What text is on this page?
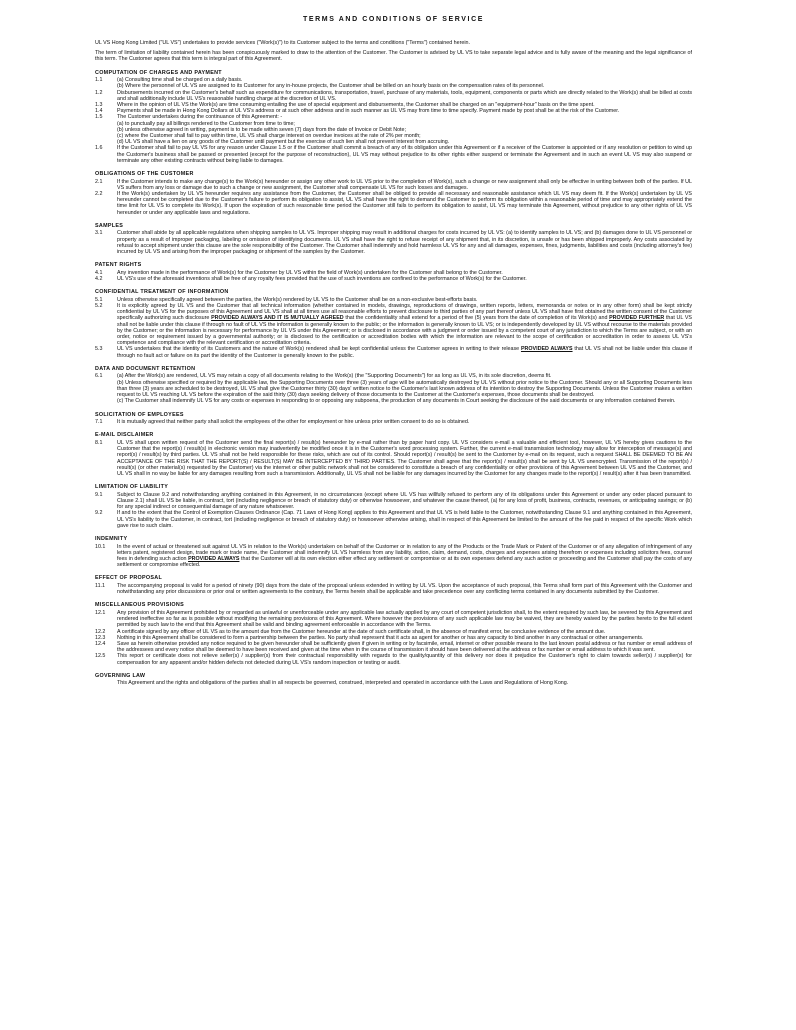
TERMS AND CONDITIONS OF SERVICE

UL VS Hong Kong Limited ("UL VS") undertakes to provide services ("Work(s)") to its Customer subject to the terms and conditions ("Terms") contained herein.

The term of limitation of liability contained herein has been conspicuously marked to draw to the attention of the Customer. The Customer is advised by UL VS to take separate legal advice and is fully aware of the meaning and the legal significance of this term. The Customer agrees that this term is integral part of this Agreement.

COMPUTATION OF CHARGES AND PAYMENT
1.1	(a) Consulting time shall be charged on a daily basis.
(b) Where the personnel of UL VS are assigned to its Customer for any in-house projects, the Customer shall be billed on an hourly basis on the compensation rates of its personnel.
1.2	Disbursements incurred on the Customer's behalf such as expenditure for communications, transportation, travel, purchase of any materials, tools, equipment, components or parts which are directly related to the Work(s) shall be billed at costs and shall additionally include UL VS's reasonable handling charge at the discretion of UL VS.
1.3	Where in the opinion of UL VS the Work(s) are time consuming entailing the use of special equipment and disbursements, the Customer shall be charged on an "equipment-hour" basis on the time spent.
1.4	Payments shall be made in Hong Kong Dollars at UL VS's address or at such other address and in such manner as UL VS may from time to time specify. Payment made by post shall be at the risk of the Customer.
1.5	The Customer undertakes during the continuance of this Agreement: -
(a) to punctually pay all billings rendered to the Customer from time to time;
(b) unless otherwise agreed in writing, payment is to be made within seven (7) days from the date of Invoice or Debit Note;
(c) where the Customer shall fail to pay within time, UL VS shall charge interest on overdue invoices at the rate of 2% per month;
(d) UL VS shall have a lien on any goods of the Customer until payment but the exercise of such lien shall not prevent interest from accruing.
1.6	If the Customer shall fail to pay UL VS for any reason under Clause 1.5 or if the Customer shall commit a breach of any of its obligation under this Agreement or if a receiver of the Customer is appointed or if any resolution or petition to wind up the Customer's business shall be passed or presented (except for the purpose of reconstruction), UL VS may without prejudice to its other rights either suspend or terminate the Agreement and in such an event UL VS may also suspend or terminate any other existing contracts without being liable to damages.
OBLIGATIONS OF THE CUSTOMER
2.1	If the Customer intends to make any change(s) to the Work(s) hereunder or assign any other work to UL VS prior to the completion of Work(s), such a change or new assignment shall only be effective in writing between both of the parties. If UL VS suffers from any loss or damage due to such a change or new assignment, the Customer shall compensate UL VS for such losses and damages.
2.2	If the Work(s) undertaken by UL VS hereunder requires any assistance from the Customer, the Customer shall be obliged to provide all necessary and reasonable assistance which UL VS may deem fit. If the Work(s) undertaken by UL VS hereunder cannot be completed due to the Customer's failure to perform its obligation to assist, UL VS shall have the right to demand the Customer to perform its obligation within a reasonable period of time and may appropriately extend the time limit for UL VS to complete its Work(s). If upon the expiration of such reasonable time period the Customer still fails to perform its obligation to assist, UL VS may terminate this Agreement, without prejudice to any other rights of UL VS hereunder or under any applicable laws and regulations.
SAMPLES
3.1	Customer shall abide by all applicable regulations when shipping samples to UL VS. Improper shipping may result in additional charges for costs incurred by UL VS: (a) to identify samples to UL VS; and (b) damages done to UL VS personnel or property as a result of improper packaging, labeling or omission of identifying documents. UL VS shall have the right to refuse receipt of any shipment that, in its discretion, is unsafe or has been shipped improperly. Any costs associated by refusal to accept shipment under this clause are the sole responsibility of the Customer. The Customer shall indemnify and hold harmless UL VS for any and all damages, expenses, fines, judgments, liabilities and costs (including attorney's fee) incurred by UL VS and arising from the improper packaging or shipment of the samples by the Customer.
PATENT RIGHTS
4.1	Any invention made in the performance of Work(s) for the Customer by UL VS within the field of Work(s) undertaken for the Customer shall belong to the Customer.
4.2	UL VS's use of the aforesaid inventions shall be free of any royalty fees provided that the use of such inventions are confined to the performance of Work(s) for the Customer.
CONFIDENTIAL TREATMENT OF INFORMATION
5.1	Unless otherwise specifically agreed between the parties, the Work(s) rendered by UL VS to the Customer shall be on a non-exclusive best-efforts basis.
5.2	It is explicitly agreed by UL VS and the Customer that all technical information (whether contained in models, drawings, reproductions of drawings, written reports, letters, memoranda or notes or in any other form) shall be kept strictly confidential by UL VS for the purposes of this Agreement and UL VS shall at all times use all reasonable efforts to prevent disclosure to third parties of any part thereof unless UL VS shall have first obtained the written consent of the Customer specifically authorizing such disclosure PROVIDED ALWAYS AND IT IS MUTUALLY AGREED that the confidentiality shall extend for a period of five (5) years from the date of completion of its Work(s) and PROVIDED FURTHER that UL VS shall not be liable under this clause if through no fault of UL VS the information is generally known to the public; or the information is generally known to UL VS; or is independently developed by UL VS without recourse to the materials provided by the Customer; or the information is necessary for performance by UL VS under this Agreement; or is disclosed in accordance with a judgment or order issued by a competent court of any jurisdiction to which the Terms are subject, or with an order, notice or requirement issued by a governmental authority; or is disclosed to the certification or accreditation bodies with which the information are relevant to the scope of certification or accreditation in order to assess UL VS's competence and compliance with the relevant certification or accreditation criteria.
5.3	UL VS undertakes that the identity of its Customers and the nature of Work(s) rendered shall be kept confidential unless the Customer agrees in writing to their release PROVIDED ALWAYS that UL VS shall not be liable under this clause if through no fault act or failure on its part the identity of the Customer is generally known to the public.
DATA AND DOCUMENT RETENTION
6.1	(a) After the Work(s) are rendered, UL VS may retain a copy of all documents relating to the Work(s) (the "Supporting Documents") for as long as UL VS, in its sole discretion, deems fit.
(b) Unless otherwise specified or required by the applicable law, the Supporting Documents over three (3) years of age will be automatically destroyed by UL VS without prior notice to the Customer. Should any or all Supporting Documents less than three (3) years are scheduled to be destroyed, UL VS shall give the Customer thirty (30) days' written notice to the Customer's last known address of its intention to destroy the Supporting Documents. Unless the Customer makes a written request to UL VS reaching UL VS before the expiration of the said thirty (30) days seeking delivery of those documents to the Customer at the Customer's expenses, those documents shall be destroyed.
(c) The Customer shall indemnify UL VS for any costs or expenses in responding to or opposing any subpoena, the production of any documents in Court seeking the disclosure of the said documents or any information contained therein.
SOLICITATION OF EMPLOYEES
7.1	It is mutually agreed that neither party shall solicit the employees of the other for employment or hire unless prior written consent to do so is obtained.
E-MAIL DISCLAIMER
8.1	UL VS shall upon written request of the Customer send the final report(s) / result(s) hereunder by e-mail rather than by paper hard copy. UL VS considers e-mail a valuable and efficient tool, however, UL VS hereby gives cautions to the Customer that the report(s) / result(s) in electronic version may inadvertently be modified once it is in the Customer's word processing system. Further, the current e-mail transmission technology may allow for interception of message(s) and report(s) / result(s) by third parties. UL VS shall not be held responsible for these risks, which are out of its control. Should report(s) / result(s) be sent to the Customer by e-mail on its request, such a request SHALL BE DEEMED TO BE AN ACCEPTANCE OF THE RISK THAT THE REPORT(S) / RESULT(S) MAY BE INTERCEPTED BY THIRD PARTIES. The Customer shall agree that the report(s) / result(s) shall be sent by UL VS unencrypted. Transmission of the report(s) / result(s) (or other material(s) requested by the Customer) via the internet or other public network shall not be considered to constitute a breach of any confidentiality or other provisions of this Agreement between UL VS and the Customer, and UL VS shall in no way be liable for any damages resulting from such a transmission. Additionally, UL VS shall not be liable for any damages incurred by the Customer for any changes made to the report(s) / result(s) after it has been transmitted.
LIMITATION OF LIABILITY
9.1	Subject to Clause 9.2 and notwithstanding anything contained in this Agreement, in no circumstances (except where UL VS has willfully refused to perform any of its obligations under this Agreement or under any order placed pursuant to Clause 2.1) shall UL VS be liable, in contract, tort (including negligence or breach of statutory duty) or otherwise howsoever, and whatever the cause thereof, (a) for any loss of profit, business, contracts, revenues, or anticipating savings; or (b) for any special indirect or consequential damage of any nature whatsoever.
9.2	If and to the extent that the Control of Exemption Clauses Ordinance (Cap. 71 Laws of Hong Kong) applies to this Agreement and that UL VS is held liable to the Customer, notwithstanding Clause 9.1 and anything contained in this Agreement, UL VS's liability to the Customer, in contract, tort (including negligence or breach of statutory duty) or howsoever otherwise arising, shall in respect of this Agreement be limited to the amount of the fee paid in respect of the specific Work which gave rise to such claim.
INDEMNITY
10.1	In the event of actual or threatened suit against UL VS in relation to the Work(s) undertaken on behalf of the Customer or in relation to any of the Products or the Trade Mark or Patent of the Customer or of any allegation of infringement of any letters patent, registered design, trade mark or trade name, the Customer shall indemnify UL VS harmless from any liability, action, claim, demand, costs, charges and expenses arising therefrom or expenses including solicitors fees, counsel fees in defending such action PROVIDED ALWAYS that the Customer will at its own election either effect any settlement or compromise or at its own expenses defend any such action or proceeding and the Customer shall pay the costs of any settlement or compromise effected.
EFFECT OF PROPOSAL
11.1	The accompanying proposal is valid for a period of ninety (90) days from the date of the proposal unless extended in writing by UL VS. Upon the acceptance of such proposal, this Terms shall form part of this Agreement with the Customer and notwithstanding any prior discussions or prior oral or written agreements to the contrary, the Terms herein shall be applicable and take precedence over any conflicting terms contained in any documents submitted by the Customer.
MISCELLANEOUS PROVISIONS
12.1	Any provision of this Agreement prohibited by or regarded as unlawful or unenforceable under any applicable law actually applied by any court of competent jurisdiction shall, to the extent required by such law, be severed by this Agreement and rendered ineffective so far as is possible without modifying the remaining provisions of this Agreement. Where however the provisions of any such applicable law may be waived, they are hereby waived by the parties hereto to the full extent permitted by such law to the end that this Agreement shall be valid and binding agreement enforceable in accordance with the Terms.
12.2	A certificate signed by any officer of UL VS as to the amount due from the Customer hereunder at the date of such certificate shall, in the absence of manifest error, be conclusive evidence of the amount due.
12.3	Nothing in this Agreement shall be considered to form a partnership between the parties. No party shall represent that it acts as agent for another or has any capacity to bind another in any contractual or other arrangements.
12.4	Save as herein otherwise provided any notice required to be given hereunder shall be sufficiently given if given in writing or by facsimile, email, internet or other possible means to the last known postal address or fax number or email address of the addressees and every notice shall be deemed to have been received and given at the time when in the course of transmission it should have been delivered at the address or fax number or email address to which it was sent.
12.5	This report or certificate does not relieve seller(s) / supplier(s) from their contractual responsibility with regards to the quality/quantity of this delivery nor does it prejudice the Customer's right to claim towards seller(s) / supplier(s) for compensation for any apparent and/or hidden defects not detected during UL VS's random inspection or testing or audit.
GOVERNING LAW
This Agreement and the rights and obligations of the parties shall in all respects be governed, construed, interpreted and operated in accordance with the Laws and Regulations of Hong Kong.
